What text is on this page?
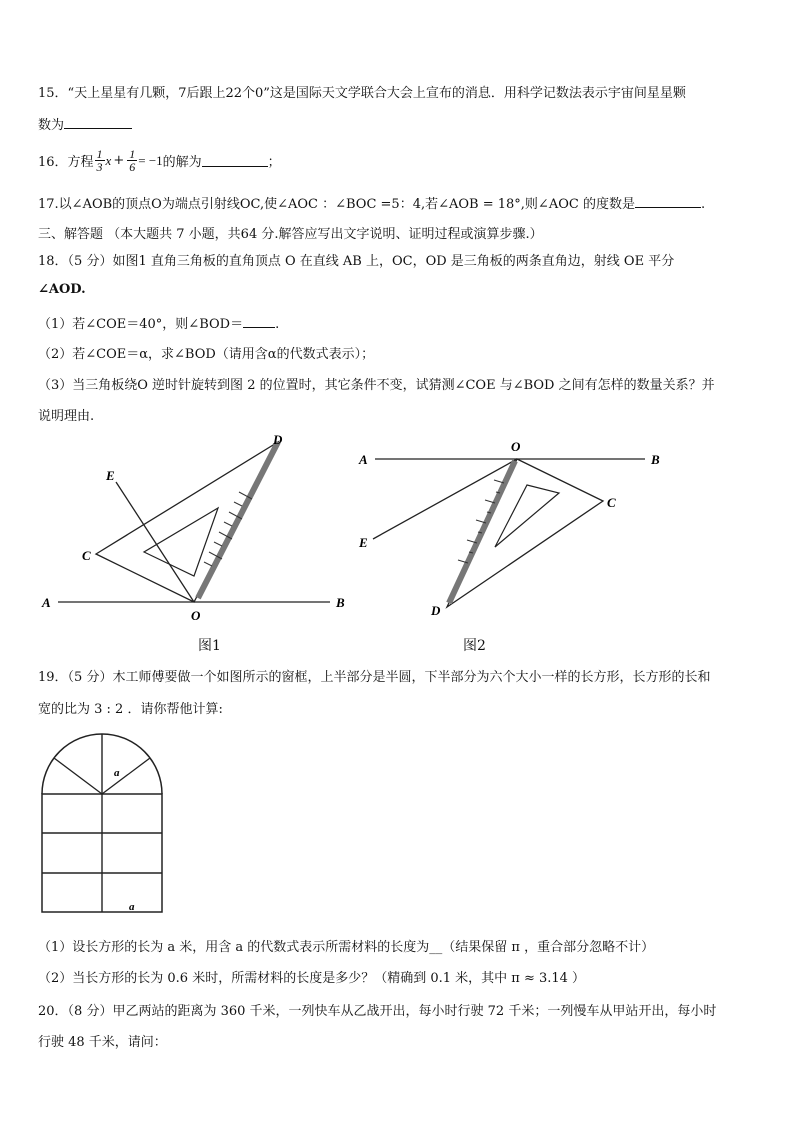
15．“天上星星有几颗，7后跟上22个0”这是国际天文学联合大会上宣布的消息．用科学记数法表示宇宙间星星颗
数为
16．方程 $\frac{1}{3}$ $x + \frac{1}{6} = -1$ 的解为	；
17.以∠AOB的顶点O为端点引射线OC,使∠AOC ：∠BOC =5：4,若∠AOB = 18°,则∠AOC 的度数是	.
三、解答题 （本大题共 7 小题，共64 分.解答应写出文字说明、证明过程或演算步骤.）
18．（5 分）如图1 直角三角板的直角顶点 O 在直线 AB 上，OC，OD 是三角板的两条直角边，射线 OE 平分
∠AOD.
（1）若∠COE＝40°，则∠BOD＝ .
（2）若∠COE＝α，求∠BOD（请用含α的代数式表示）；
（3）当三角板绕O 逆时针旋转到图 2 的位置时，其它条件不变，试猜测∠COE 与∠BOD 之间有怎样的数量关系？并
说明理由.
D
E
C
A
O
B
图1
A
O
B
C
E
D
图2
19．（5 分）木工师傅要做一个如图所示的窗框，上半部分是半圆，下半部分为六个大小一样的长方形，长方形的长和
宽的比为 3 : 2 ．请你帮他计算:
a
a
（1）设长方形的长为 a 米，用含 a 的代数式表示所需材料的长度为__（结果保留 π ，重合部分忽略不计）
（2）当长方形的长为 0.6 米时，所需材料的长度是多少？（精确到 0.1 米，其中 π ≈ 3.14 ）
20．（8 分）甲乙两站的距离为 360 千米，一列快车从乙战开出，每小时行驶 72 千米；一列慢车从甲站开出，每小时
行驶 48 千米，请问：
